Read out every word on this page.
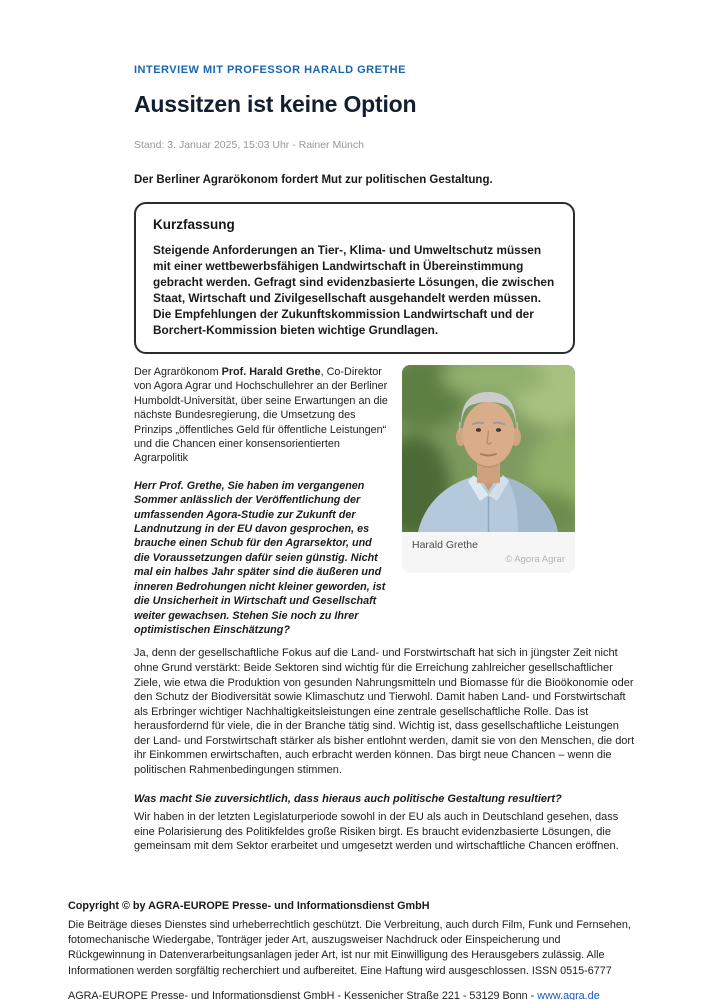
INTERVIEW MIT PROFESSOR HARALD GRETHE
Aussitzen ist keine Option
Stand: 3. Januar 2025, 15:03 Uhr - Rainer Münch

Der Berliner Agrarökonom fordert Mut zur politischen Gestaltung.

Kurzfassung

Steigende Anforderungen an Tier-, Klima- und Umweltschutz müssen mit einer wettbewerbsfähigen Landwirtschaft in Übereinstimmung gebracht werden. Gefragt sind evidenzbasierte Lösungen, die zwischen Staat, Wirtschaft und Zivilgesellschaft ausgehandelt werden müssen. Die Empfehlungen der Zukunftskommission Landwirtschaft und der Borchert-Kommission bieten wichtige Grundlagen.

Der Agrarökonom Prof. Harald Grethe, Co-Direktor von Agora Agrar und Hochschullehrer an der Berliner Humboldt-Universität, über seine Erwartungen an die nächste Bundesregierung, die Umsetzung des Prinzips „öffentliches Geld für öffentliche Leistungen“ und die Chancen einer konsensorientierten Agrarpolitik

Herr Prof. Grethe, Sie haben im vergangenen Sommer anlässlich der Veröffentlichung der umfassenden Agora-Studie zur Zukunft der Landnutzung in der EU davon gesprochen, es brauche einen Schub für den Agrarsektor, und die Voraussetzungen dafür seien günstig. Nicht mal ein halbes Jahr später sind die äußeren und inneren Bedrohungen nicht kleiner geworden, ist die Unsicherheit in Wirtschaft und Gesellschaft weiter gewachsen. Stehen Sie noch zu Ihrer optimistischen Einschätzung?

Harald Grethe
© Agora Agrar

Ja, denn der gesellschaftliche Fokus auf die Land- und Forstwirtschaft hat sich in jüngster Zeit nicht ohne Grund verstärkt: Beide Sektoren sind wichtig für die Erreichung zahlreicher gesellschaftlicher Ziele, wie etwa die Produktion von gesunden Nahrungsmitteln und Biomasse für die Bioökonomie oder den Schutz der Biodiversität sowie Klimaschutz und Tierwohl. Damit haben Land- und Forstwirtschaft als Erbringer wichtiger Nachhaltigkeitsleistungen eine zentrale gesellschaftliche Rolle. Das ist herausfordernd für viele, die in der Branche tätig sind. Wichtig ist, dass gesellschaftliche Leistungen der Land- und Forstwirtschaft stärker als bisher entlohnt werden, damit sie von den Menschen, die dort ihr Einkommen erwirtschaften, auch erbracht werden können. Das birgt neue Chancen – wenn die politischen Rahmenbedingungen stimmen.

Was macht Sie zuversichtlich, dass hieraus auch politische Gestaltung resultiert?

Wir haben in der letzten Legislaturperiode sowohl in der EU als auch in Deutschland gesehen, dass eine Polarisierung des Politikfeldes große Risiken birgt. Es braucht evidenzbasierte Lösungen, die gemeinsam mit dem Sektor erarbeitet und umgesetzt werden und wirtschaftliche Chancen eröffnen.

Copyright © by AGRA-EUROPE Presse- und Informationsdienst GmbH

Die Beiträge dieses Dienstes sind urheberrechtlich geschützt. Die Verbreitung, auch durch Film, Funk und Fernsehen, fotomechanische Wiedergabe, Tonträger jeder Art, auszugsweiser Nachdruck oder Einspeicherung und Rückgewinnung in Datenverarbeitungsanlagen jeder Art, ist nur mit Einwilligung des Herausgebers zulässig. Alle Informationen werden sorgfältig recherchiert und aufbereitet. Eine Haftung wird ausgeschlossen. ISSN 0515-6777

AGRA-EUROPE Presse- und Informationsdienst GmbH - Kessenicher Straße 221 - 53129 Bonn - www.agra.de
